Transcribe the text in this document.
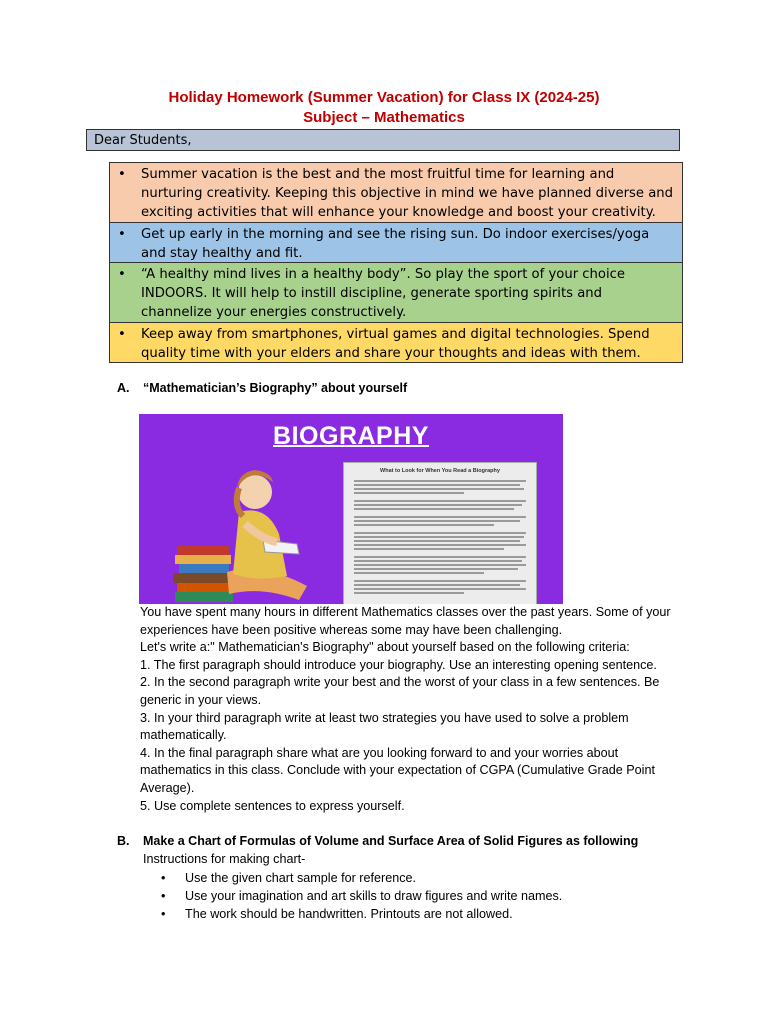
Holiday Homework (Summer Vacation) for Class IX (2024-25)
Subject – Mathematics
Dear Students,
• Summer vacation is the best and the most fruitful time for learning and nurturing creativity. Keeping this objective in mind we have planned diverse and exciting activities that will enhance your knowledge and boost your creativity.
• Get up early in the morning and see the rising sun. Do indoor exercises/yoga and stay healthy and fit.
• “A healthy mind lives in a healthy body”. So play the sport of your choice INDOORS. It will help to instill discipline, generate sporting spirits and channelize your energies constructively.
• Keep away from smartphones, virtual games and digital technologies. Spend quality time with your elders and share your thoughts and ideas with them.
A. “Mathematician’s Biography” about yourself
BIOGRAPHY
What to Look for When You Read a Biography

You have spent many hours in different Mathematics classes over the past years. Some of your experiences have been positive whereas some may have been challenging.

Let's write a:" Mathematician's Biography" about yourself based on the following criteria:

1. The first paragraph should introduce your biography. Use an interesting opening sentence.

2. In the second paragraph write your best and the worst of your class in a few sentences. Be generic in your views.

3. In your third paragraph write at least two strategies you have used to solve a problem mathematically.

4. In the final paragraph share what are you looking forward to and your worries about mathematics in this class. Conclude with your expectation of CGPA (Cumulative Grade Point Average).

5. Use complete sentences to express yourself.

B. Make a Chart of Formulas of Volume and Surface Area of Solid Figures as following
Instructions for making chart-
• Use the given chart sample for reference.
• Use your imagination and art skills to draw figures and write names.
• The work should be handwritten. Printouts are not allowed.
